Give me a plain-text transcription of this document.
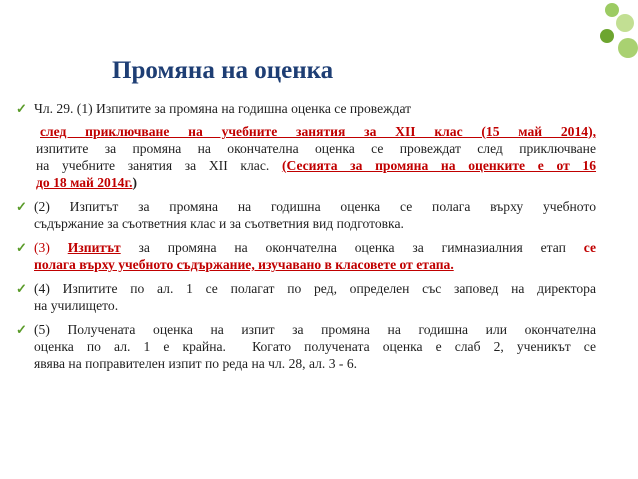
Промяна на оценка
✓ Чл. 29. (1) Изпитите за промяна на годишна оценка се провеждат
след приключване на учебните занятия за XII клас (15 май 2014),
изпитите за промяна на окончателна оценка се провеждат след приключване
на учебните занятия за XII клас. (Сесията за промяна на оценките е от 16
до 18 май 2014г.)
✓ (2) Изпитът за промяна на годишна оценка се полага върху учебното
съдържание за съответния клас и за съответния вид подготовка.
✓ (3) Изпитът за промяна на окончателна оценка за гимназиалния етап се
полага върху учебното съдържание, изучавано в класовете от етапа.
✓ (4) Изпитите по ал. 1 се полагат по ред, определен със заповед на директора
на училището.
✓ (5) Получената оценка на изпит за промяна на годишна или окончателна
оценка по ал. 1 е крайна.  Когато получената оценка е слаб 2, ученикът се
явява на поправителен изпит по реда на чл. 28, ал. 3 - 6.
